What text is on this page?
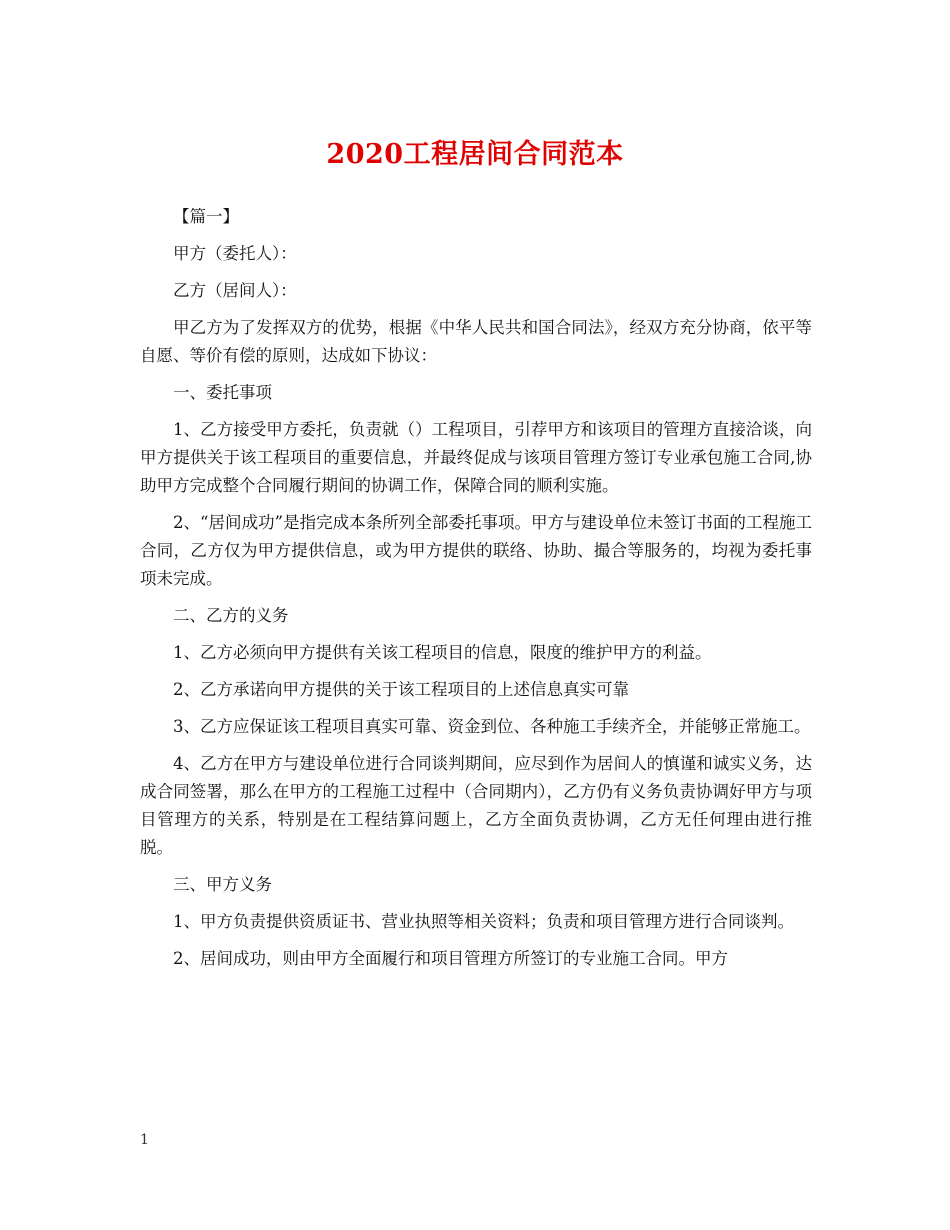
2020工程居间合同范本

【篇一】

甲方（委托人）：

乙方（居间人）：

甲乙方为了发挥双方的优势，根据《中华人民共和国合同法》，经双方充分协商，依平等自愿、等价有偿的原则，达成如下协议：

一、委托事项

1、乙方接受甲方委托，负责就（）工程项目，引荐甲方和该项目的管理方直接洽谈，向甲方提供关于该工程项目的重要信息，并最终促成与该项目管理方签订专业承包施工合同,协助甲方完成整个合同履行期间的协调工作，保障合同的顺利实施。

2、“居间成功”是指完成本条所列全部委托事项。甲方与建设单位未签订书面的工程施工合同，乙方仅为甲方提供信息，或为甲方提供的联络、协助、撮合等服务的，均视为委托事项未完成。

二、乙方的义务

1、乙方必须向甲方提供有关该工程项目的信息，限度的维护甲方的利益。

2、乙方承诺向甲方提供的关于该工程项目的上述信息真实可靠

3、乙方应保证该工程项目真实可靠、资金到位、各种施工手续齐全，并能够正常施工。

4、乙方在甲方与建设单位进行合同谈判期间，应尽到作为居间人的慎谨和诚实义务，达成合同签署，那么在甲方的工程施工过程中（合同期内），乙方仍有义务负责协调好甲方与项目管理方的关系，特别是在工程结算问题上，乙方全面负责协调，乙方无任何理由进行推脱。

三、甲方义务

1、甲方负责提供资质证书、营业执照等相关资料；负责和项目管理方进行合同谈判。

2、居间成功，则由甲方全面履行和项目管理方所签订的专业施工合同。甲方

1
